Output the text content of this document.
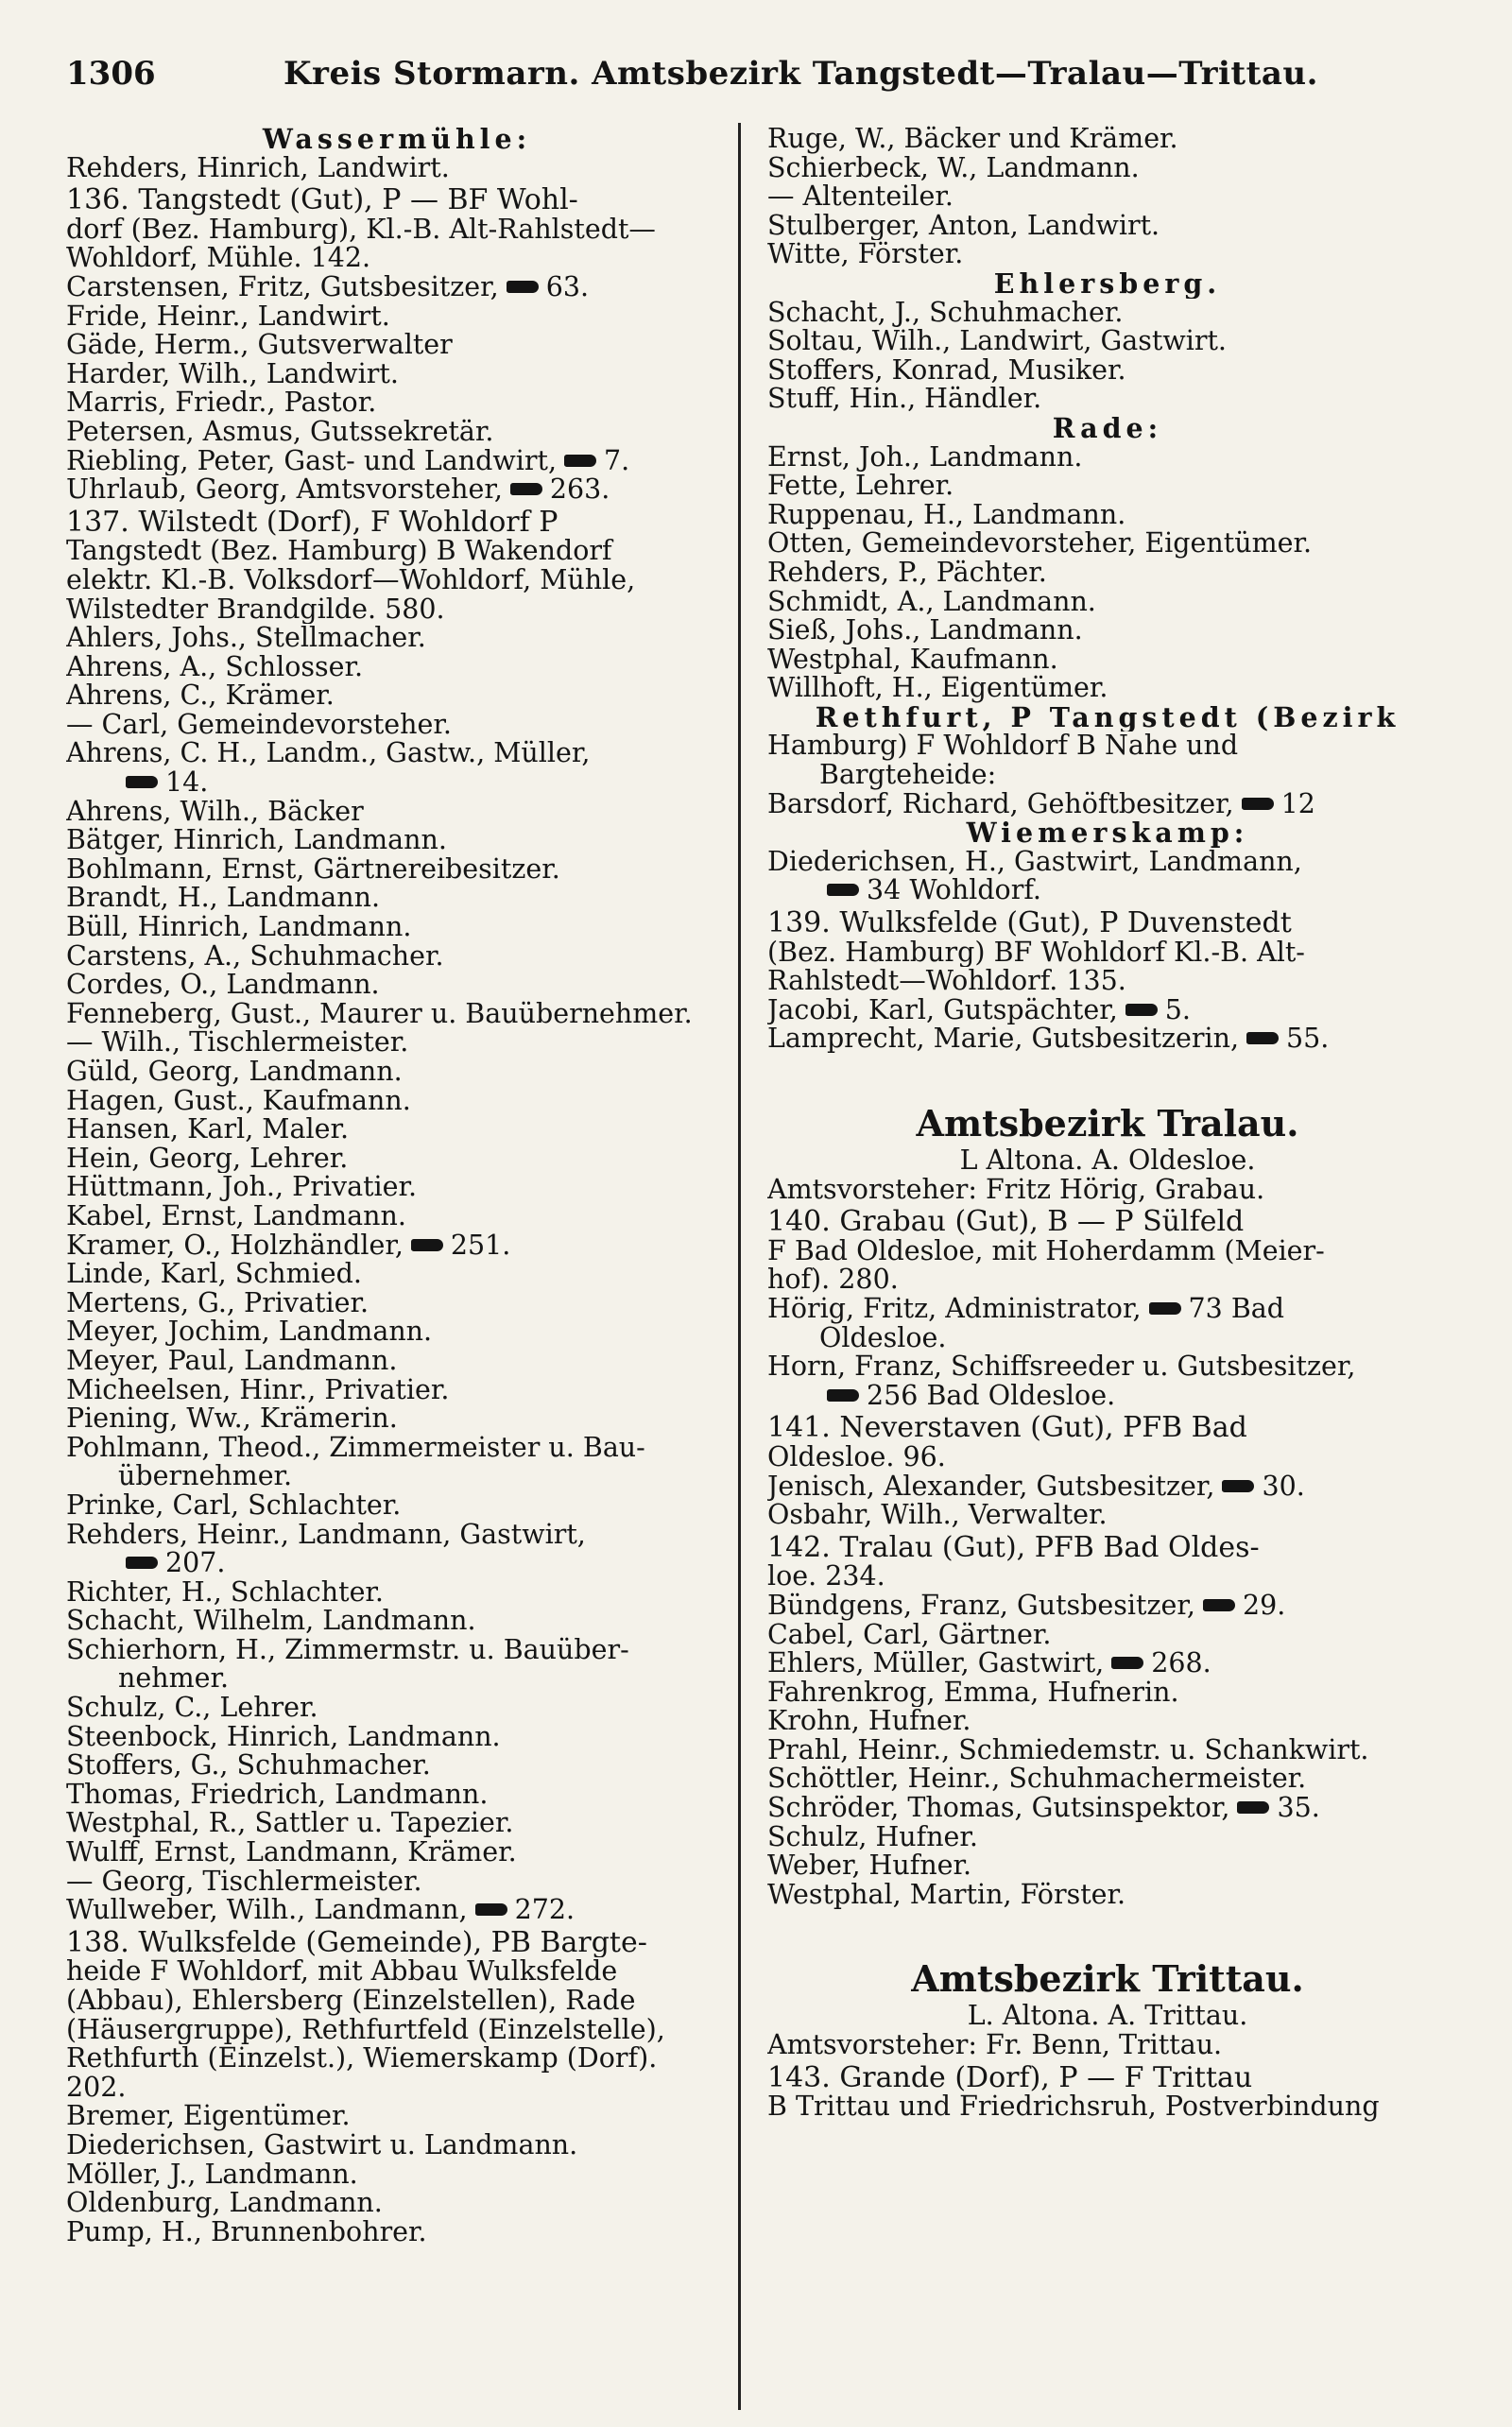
1306	Kreis Stormarn. Amtsbezirk Tangstedt—Tralau—Trittau.
Wassermühle:
Rehders, Hinrich, Landwirt.
136. Tangstedt (Gut), P — BF Wohl-
dorf (Bez. Hamburg), Kl.-B. Alt-Rahlstedt—
Wohldorf, Mühle. 142.
Carstensen, Fritz, Gutsbesitzer, 63.
Fride, Heinr., Landwirt.
Gäde, Herm., Gutsverwalter
Harder, Wilh., Landwirt.
Marris, Friedr., Pastor.
Petersen, Asmus, Gutssekretär.
Riebling, Peter, Gast- und Landwirt, 7.
Uhrlaub, Georg, Amtsvorsteher, 263.
137. Wilstedt (Dorf), F Wohldorf P
Tangstedt (Bez. Hamburg) B Wakendorf
elektr. Kl.-B. Volksdorf—Wohldorf, Mühle,
Wilstedter Brandgilde. 580.
Ahlers, Johs., Stellmacher.
Ahrens, A., Schlosser.
Ahrens, C., Krämer.
— Carl, Gemeindevorsteher.
Ahrens, C. H., Landm., Gastw., Müller,
14.
Ahrens, Wilh., Bäcker
Bätger, Hinrich, Landmann.
Bohlmann, Ernst, Gärtnereibesitzer.
Brandt, H., Landmann.
Büll, Hinrich, Landmann.
Carstens, A., Schuhmacher.
Cordes, O., Landmann.
Fenneberg, Gust., Maurer u. Bauübernehmer.
— Wilh., Tischlermeister.
Güld, Georg, Landmann.
Hagen, Gust., Kaufmann.
Hansen, Karl, Maler.
Hein, Georg, Lehrer.
Hüttmann, Joh., Privatier.
Kabel, Ernst, Landmann.
Kramer, O., Holzhändler, 251.
Linde, Karl, Schmied.
Mertens, G., Privatier.
Meyer, Jochim, Landmann.
Meyer, Paul, Landmann.
Micheelsen, Hinr., Privatier.
Piening, Ww., Krämerin.
Pohlmann, Theod., Zimmermeister u. Bau-
übernehmer.
Prinke, Carl, Schlachter.
Rehders, Heinr., Landmann, Gastwirt,
207.
Richter, H., Schlachter.
Schacht, Wilhelm, Landmann.
Schierhorn, H., Zimmermstr. u. Bauüber-
nehmer.
Schulz, C., Lehrer.
Steenbock, Hinrich, Landmann.
Stoffers, G., Schuhmacher.
Thomas, Friedrich, Landmann.
Westphal, R., Sattler u. Tapezier.
Wulff, Ernst, Landmann, Krämer.
— Georg, Tischlermeister.
Wullweber, Wilh., Landmann, 272.
138. Wulksfelde (Gemeinde), PB Bargte-
heide F Wohldorf, mit Abbau Wulksfelde
(Abbau), Ehlersberg (Einzelstellen), Rade
(Häusergruppe), Rethfurtfeld (Einzelstelle),
Rethfurth (Einzelst.), Wiemerskamp (Dorf).
202.
Bremer, Eigentümer.
Diederichsen, Gastwirt u. Landmann.
Möller, J., Landmann.
Oldenburg, Landmann.
Pump, H., Brunnenbohrer.
Ruge, W., Bäcker und Krämer.
Schierbeck, W., Landmann.
— Altenteiler.
Stulberger, Anton, Landwirt.
Witte, Förster.
Ehlersberg.
Schacht, J., Schuhmacher.
Soltau, Wilh., Landwirt, Gastwirt.
Stoffers, Konrad, Musiker.
Stuff, Hin., Händler.
Rade:
Ernst, Joh., Landmann.
Fette, Lehrer.
Ruppenau, H., Landmann.
Otten, Gemeindevorsteher, Eigentümer.
Rehders, P., Pächter.
Schmidt, A., Landmann.
Sieß, Johs., Landmann.
Westphal, Kaufmann.
Willhoft, H., Eigentümer.
Rethfurt, P Tangstedt (Bezirk
Hamburg) F Wohldorf B Nahe und
Bargteheide:
Barsdorf, Richard, Gehöftbesitzer, 12
Wiemerskamp:
Diederichsen, H., Gastwirt, Landmann,
34 Wohldorf.
139. Wulksfelde (Gut), P Duvenstedt
(Bez. Hamburg) BF Wohldorf Kl.-B. Alt-
Rahlstedt—Wohldorf. 135.
Jacobi, Karl, Gutspächter, 5.
Lamprecht, Marie, Gutsbesitzerin, 55.
Amtsbezirk Tralau.
L Altona. A. Oldesloe.
Amtsvorsteher: Fritz Hörig, Grabau.
140. Grabau (Gut), B — P Sülfeld
F Bad Oldesloe, mit Hoherdamm (Meier-
hof). 280.
Hörig, Fritz, Administrator, 73 Bad
Oldesloe.
Horn, Franz, Schiffsreeder u. Gutsbesitzer,
256 Bad Oldesloe.
141. Neverstaven (Gut), PFB Bad
Oldesloe. 96.
Jenisch, Alexander, Gutsbesitzer, 30.
Osbahr, Wilh., Verwalter.
142. Tralau (Gut), PFB Bad Oldes-
loe. 234.
Bündgens, Franz, Gutsbesitzer, 29.
Cabel, Carl, Gärtner.
Ehlers, Müller, Gastwirt, 268.
Fahrenkrog, Emma, Hufnerin.
Krohn, Hufner.
Prahl, Heinr., Schmiedemstr. u. Schankwirt.
Schöttler, Heinr., Schuhmachermeister.
Schröder, Thomas, Gutsinspektor, 35.
Schulz, Hufner.
Weber, Hufner.
Westphal, Martin, Förster.
Amtsbezirk Trittau.
L. Altona. A. Trittau.
Amtsvorsteher: Fr. Benn, Trittau.
143. Grande (Dorf), P — F Trittau
B Trittau und Friedrichsruh, Postverbindung
